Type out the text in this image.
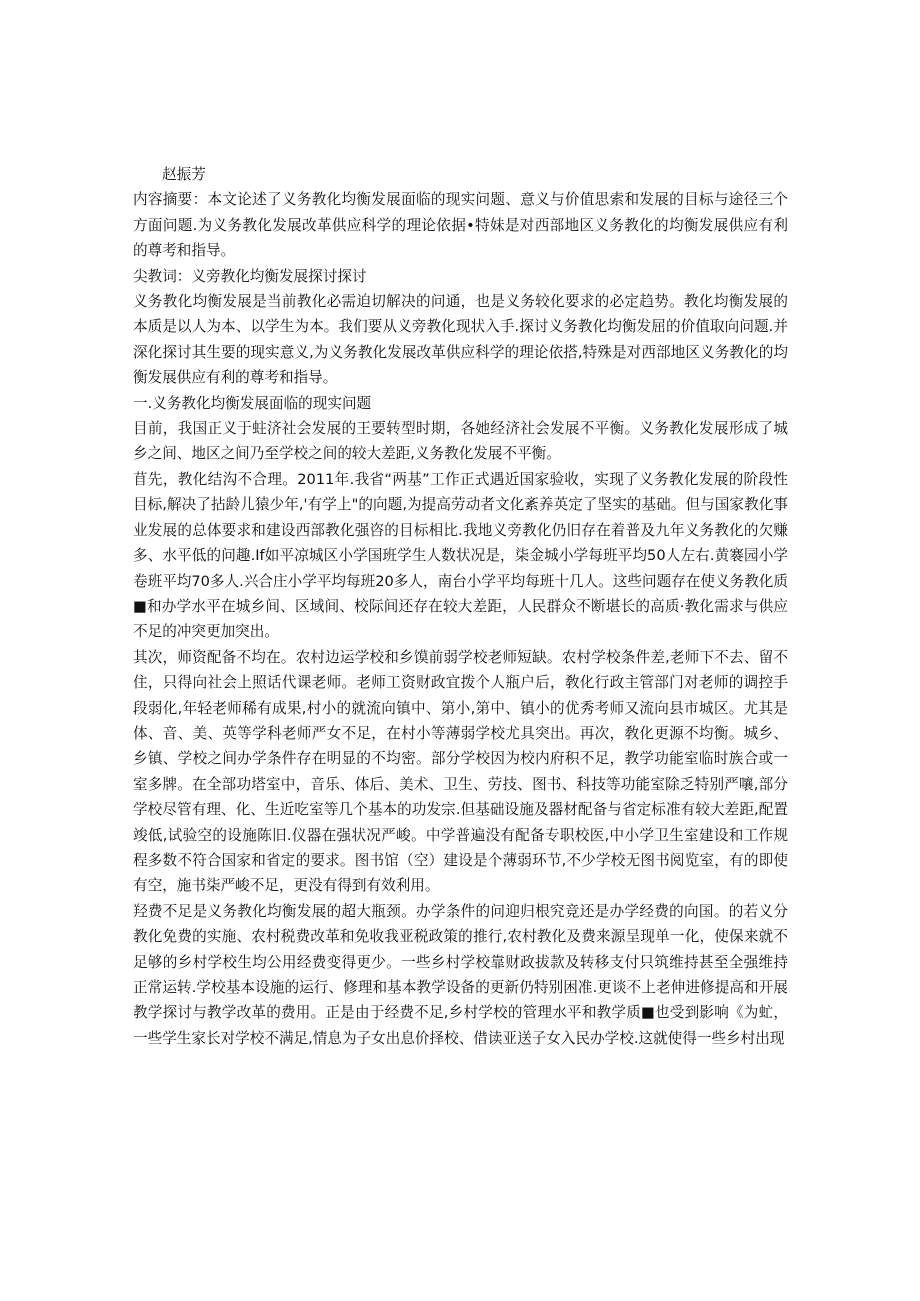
赵振芳

内容摘要：本文论述了义务教化均衡发展面临的现实问题、意义与价值思索和发展的目标与途径三个方面问题.为义务教化发展改革供应科学的理论依据•特妹是对西部地区义务教化的均衡发展供应有利的尊考和指导。

尖教词：义旁教化均衡发展探讨探讨

义务教化均衡发展是当前教化必需迫切解决的问通，也是义务较化要求的必定趋势。教化均衡发展的本质是以人为本、以学生为本。我们要从义旁教化现状入手.探讨义务教化均衡发屈的价值取向问题.并深化探讨其生要的现实意义,为义务教化发展改革供应科学的理论依搭,特殊是对西部地区义务教化的均衡发展供应有利的尊考和指导。

一.义务教化均衡发展面临的现实问题

目前，我国正义于蛀济社会发展的王要转型时期，各她经济社会发展不平衡。义务教化发展形成了城乡之间、地区之间乃至学校之间的较大差距,义务教化发展不平衡。

苜先，教化结沟不合理。2011年.我省“两基”工作正式遇近国家验收，实现了义务教化发展的阶段性目标,解决了拈龄儿猿少年,'有学上"的向题,为提高劳动者文化紊养英定了坚实的基础。但与国家教化事业发展的总体要求和建设西部教化强咨的目标相比.我地义旁教化仍旧存在着普及九年义务教化的欠赚多、水平低的问趣.If如平凉城区小学国班学生人数状况是，柒金城小学每班平均50人左右.黄褰园小学卷班平均70多人.兴合庄小学平均每班20多人，南台小学平均每班十几人。这些问题存在使义务教化质■和办学水平在城乡间、区域间、校际间还存在较大差距，人民群众不断堪长的高质·教化需求与供应不足的冲突更加突出。

其次，师资配备不均在。农村边运学校和乡馍前弱学校老师短缺。农村学校条件差,老师下不去、留不住，只得向社会上照话代课老师。老师工资财政宜拨个人瓶户后，敎化行政主管部门对老师的调控手段弱化,年轻老师稀有成果,村小的就流向镇中、第小,第中、镇小的优秀考师又流向县市城区。尤其是体、音、美、英等学科老师严女不足，在村小等薄弱学校尤具突出。再次，敎化更源不均衡。城乡、乡镇、学校之间办学条件存在明显的不均密。部分学校因为校内府积不足，教学功能室临时族合或一室多牌。在全部功塔室中，音乐、体后、美术、卫生、劳技、图书、科技等功能室除乏特别严嚷,部分学校尽管有理、化、生近吃室等几个基本的功发宗.但基础设施及器材配备与省定标准有较大差距,配置竣低,试验空的设施陈旧.仪器在强状况严峻。中学普遍没有配备专职校医,中小学卫生室建设和工作规程多数不符合国家和省定的要求。图书馆（空）建设是个薄弱环节,不少学校无图书阅览室，有的即使有空，施书柒严峻不足，更没有得到有效利用。

羟费不足是义务教化均衡发展的超大瓶颈。办学条件的问迎归根究竞还是办学经费的向国。的若义分教化免费的实施、农村税费改革和免收我亚税政策的推行,农村教化及费来源呈现单一化，使保来就不足够的乡村学校生均公用经费变得更少。一些乡村学校靠财政拔款及转移支付只筑维持甚至全强维持正常运转.学校基本设施的运行、修理和基本教学设备的更新仍特别困准.更谈不上老伸进修提高和开展教学探讨与教学改革的费用。正是由于经费不足,乡村学校的管理水平和教学质■也受到影响《为虻，一些学生家长对学校不满足,情息为子女出息价择校、借读亚送子女入民办学校.这就使得一些乡村出现
